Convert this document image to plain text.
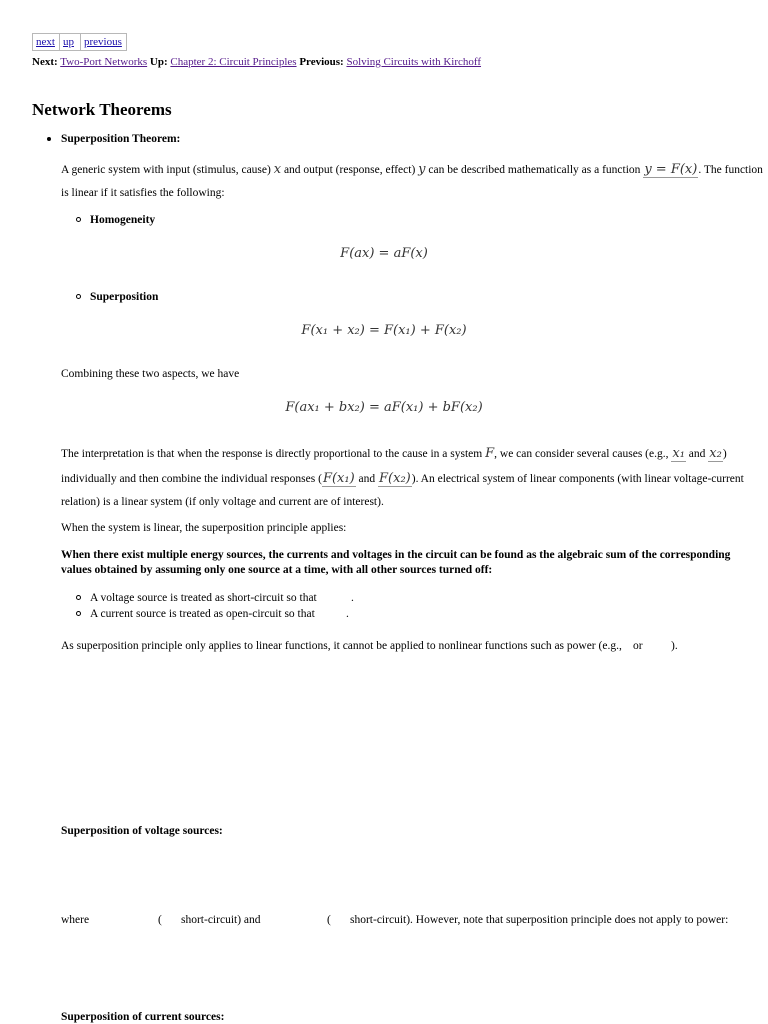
next up previous
Next: Two-Port Networks Up: Chapter 2: Circuit Principles Previous: Solving Circuits with Kirchoff
Network Theorems
Superposition Theorem:
A generic system with input (stimulus, cause) x and output (response, effect) y can be described mathematically as a function y = F(x). The function
is linear if it satisfies the following:
Homogeneity
F(ax) = aF(x)
Superposition
F(x₁ + x₂) = F(x₁) + F(x₂)
Combining these two aspects, we have
F(ax₁ + bx₂) = aF(x₁) + bF(x₂)
The interpretation is that when the response is directly proportional to the cause in a system F, we can consider several causes (e.g., x₁ and x₂)
individually and then combine the individual responses (F(x₁) and F(x₂)). An electrical system of linear components (with linear voltage-current
relation) is a linear system (if only voltage and current are of interest).
When the system is linear, the superposition principle applies:
When there exist multiple energy sources, the currents and voltages in the circuit can be found as the algebraic sum of the corresponding
values obtained by assuming only one source at a time, with all other sources turned off:
A voltage source is treated as short-circuit so that	.
A current source is treated as open-circuit so that	.
As superposition principle only applies to linear functions, it cannot be applied to nonlinear functions such as power (e.g., or ).
Superposition of voltage sources:
where	( short-circuit) and	( short-circuit). However, note that superposition principle does not apply to power:
Superposition of current sources:
